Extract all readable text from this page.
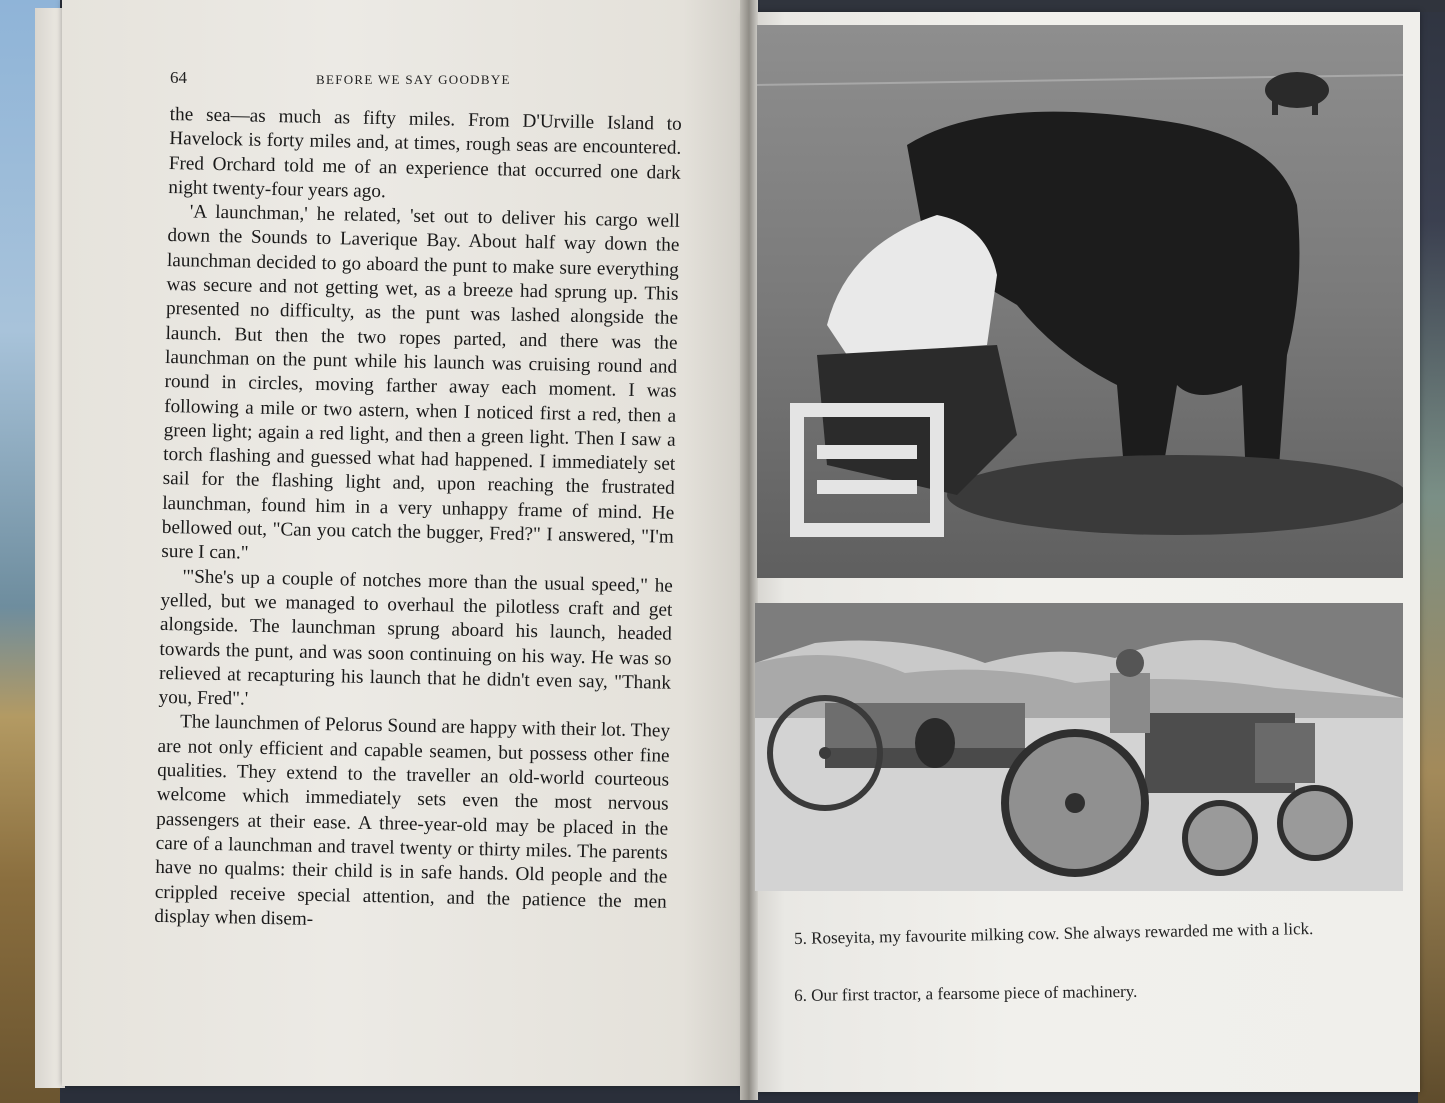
64	BEFORE WE SAY GOODBYE

the sea—as much as fifty miles. From D'Urville Island to Havelock is forty miles and, at times, rough seas are encountered. Fred Orchard told me of an experience that occurred one dark night twenty-four years ago.

'A launchman,' he related, 'set out to deliver his cargo well down the Sounds to Laverique Bay. About half way down the launchman decided to go aboard the punt to make sure everything was secure and not getting wet, as a breeze had sprung up. This presented no difficulty, as the punt was lashed alongside the launch. But then the two ropes parted, and there was the launchman on the punt while his launch was cruising round and round in circles, moving farther away each moment. I was following a mile or two astern, when I noticed first a red, then a green light; again a red light, and then a green light. Then I saw a torch flashing and guessed what had happened. I immediately set sail for the flashing light and, upon reaching the frustrated launchman, found him in a very unhappy frame of mind. He bellowed out, "Can you catch the bugger, Fred?" I answered, "I'm sure I can."

'"She's up a couple of notches more than the usual speed," he yelled, but we managed to overhaul the pilotless craft and get alongside. The launchman sprung aboard his launch, headed towards the punt, and was soon continuing on his way. He was so relieved at recapturing his launch that he didn't even say, "Thank you, Fred".'

The launchmen of Pelorus Sound are happy with their lot. They are not only efficient and capable seamen, but possess other fine qualities. They extend to the traveller an old-world courteous welcome which immediately sets even the most nervous passengers at their ease. A three-year-old may be placed in the care of a launchman and travel twenty or thirty miles. The parents have no qualms: their child is in safe hands. Old people and the crippled receive special attention, and the patience the men display when disem-

5. Roseyita, my favourite milking cow. She always rewarded me with a lick.
6. Our first tractor, a fearsome piece of machinery.
